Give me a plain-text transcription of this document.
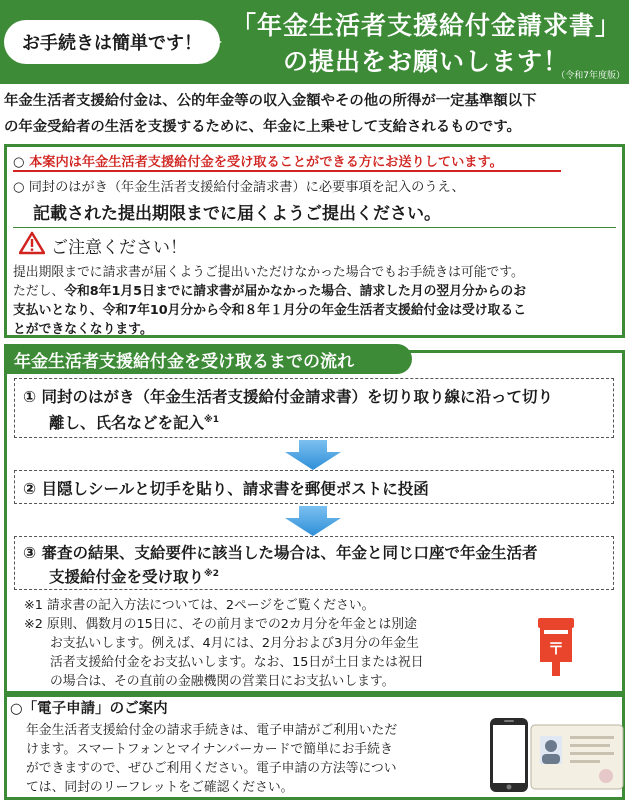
お手続きは簡単です！
「年金生活者支援給付金請求書」
の提出をお願いします！
（令和7年度版）
年金生活者支援給付金は、公的年金等の収入金額やその他の所得が一定基準額以下
の年金受給者の生活を支援するために、年金に上乗せして支給されるものです。
○ 本案内は年金生活者支援給付金を受け取ることができる方にお送りしています。
○ 同封のはがき（年金生活者支援給付金請求書）に必要事項を記入のうえ、
記載された提出期限までに届くようご提出ください。
ご注意ください！
提出期限までに請求書が届くようご提出いただけなかった場合でもお手続きは可能です。
ただし、令和8年1月5日までに請求書が届かなかった場合、請求した月の翌月分からのお
支払いとなり、令和7年10月分から令和８年１月分の年金生活者支援給付金は受け取るこ
とができなくなります。
年金生活者支援給付金を受け取るまでの流れ
① 同封のはがき（年金生活者支援給付金請求書）を切り取り線に沿って切り
離し、氏名などを記入$^{※1}$
② 目隠しシールと切手を貼り、請求書を郵便ポストに投函
③ 審査の結果、支給要件に該当した場合は、年金と同じ口座で年金生活者
支援給付金を受け取り$^{※2}$
※1 請求書の記入方法については、2ページをご覧ください。
※2 原則、偶数月の15日に、その前月までの2カ月分を年金とは別途
お支払いします。例えば、4月には、2月分および3月分の年金生
活者支援給付金をお支払いします。なお、15日が土日または祝日
の場合は、その直前の金融機関の営業日にお支払いします。
〒
○「電子申請」のご案内
年金生活者支援給付金の請求手続きは、電子申請がご利用いただ
けます。スマートフォンとマイナンバーカードで簡単にお手続き
ができますので、ぜひご利用ください。電子申請の方法等につい
ては、同封のリーフレットをご確認ください。
